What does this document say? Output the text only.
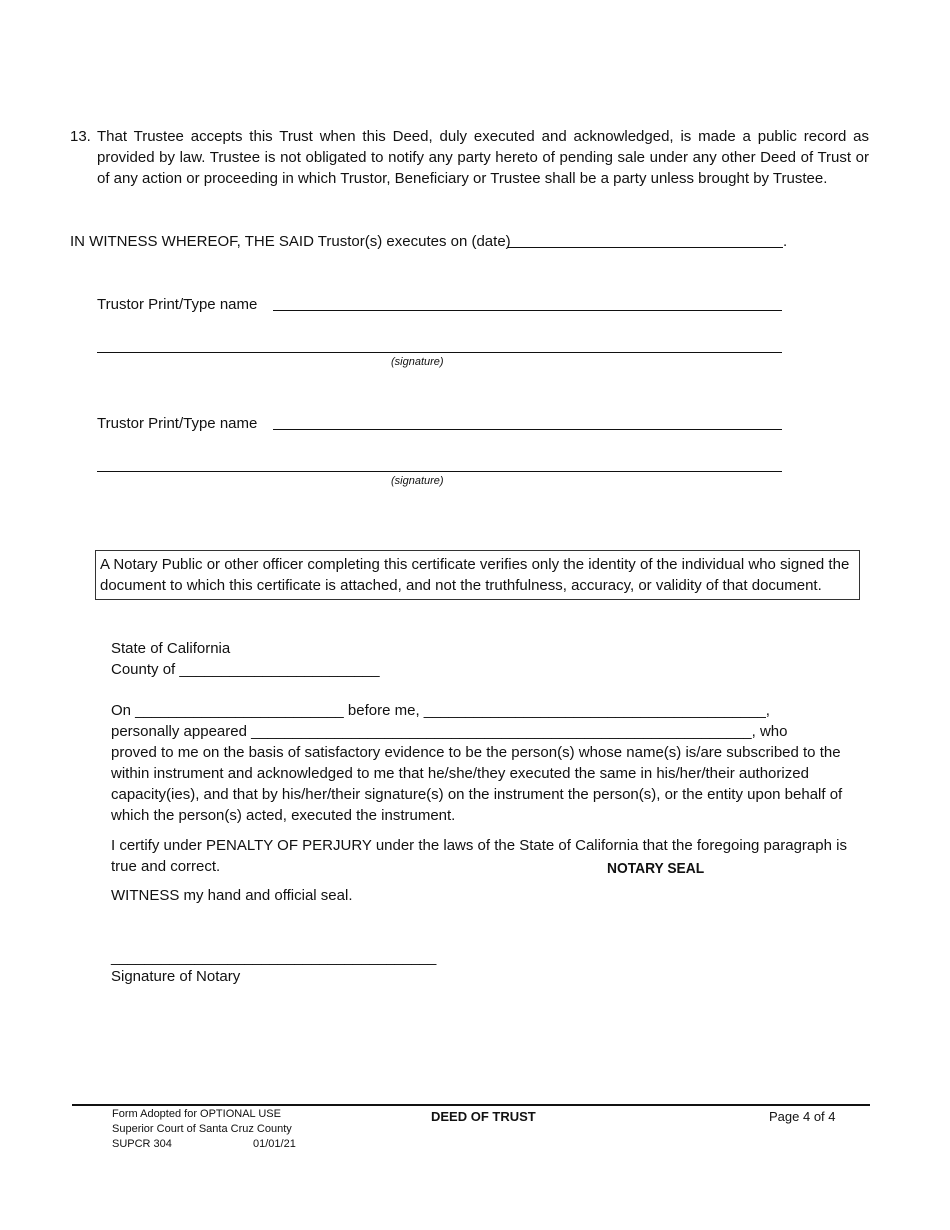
13. That Trustee accepts this Trust when this Deed, duly executed and acknowledged, is made a public record as provided by law. Trustee is not obligated to notify any party hereto of pending sale under any other Deed of Trust or of any action or proceeding in which Trustor, Beneficiary or Trustee shall be a party unless brought by Trustee.
IN WITNESS WHEREOF, THE SAID Trustor(s) executes on (date)	.
Trustor Print/Type name
(signature)
Trustor Print/Type name
(signature)
A Notary Public or other officer completing this certificate verifies only the identity of the individual who signed the document to which this certificate is attached, and not the truthfulness, accuracy, or validity of that document.
State of California
County of ________________________
On _________________________ before me, _________________________________________,
personally appeared ____________________________________________________________, who
proved to me on the basis of satisfactory evidence to be the person(s) whose name(s) is/are subscribed to the within instrument and acknowledged to me that he/she/they executed the same in his/her/their authorized capacity(ies), and that by his/her/their signature(s) on the instrument the person(s), or the entity upon behalf of which the person(s) acted, executed the instrument.
I certify under PENALTY OF PERJURY under the laws of the State of California that the foregoing paragraph is true and correct.	NOTARY SEAL
WITNESS my hand and official seal.
_______________________________________
Signature of Notary
Form Adopted for OPTIONAL USE
Superior Court of Santa Cruz County
SUPCR 304	01/01/21
DEED OF TRUST	Page 4 of 4
